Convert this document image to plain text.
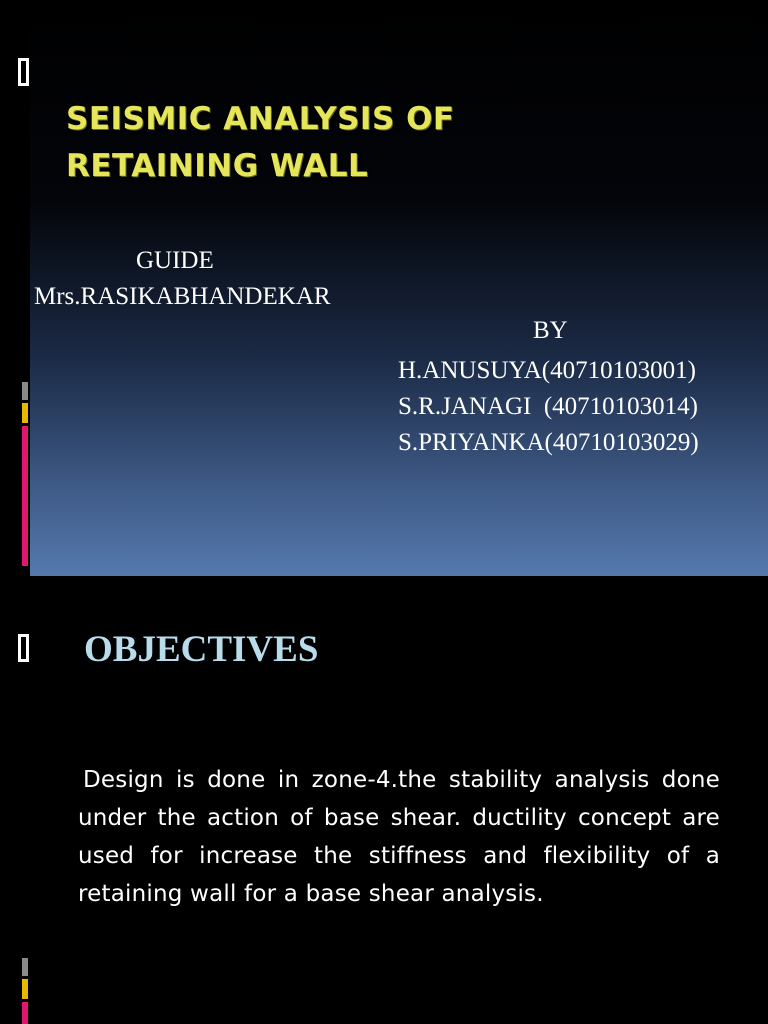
SEISMIC ANALYSIS OF RETAINING WALL

GUIDE

Mrs.RASIKABHANDEKAR

BY

H.ANUSUYA(40710103001)
S.R.JANAGI  (40710103014)
S.PRIYANKA(40710103029)
OBJECTIVES

Design is done in zone-4.the stability analysis done under the action of base shear. ductility concept are used for increase the stiffness and flexibility of a retaining wall for a base shear analysis.
